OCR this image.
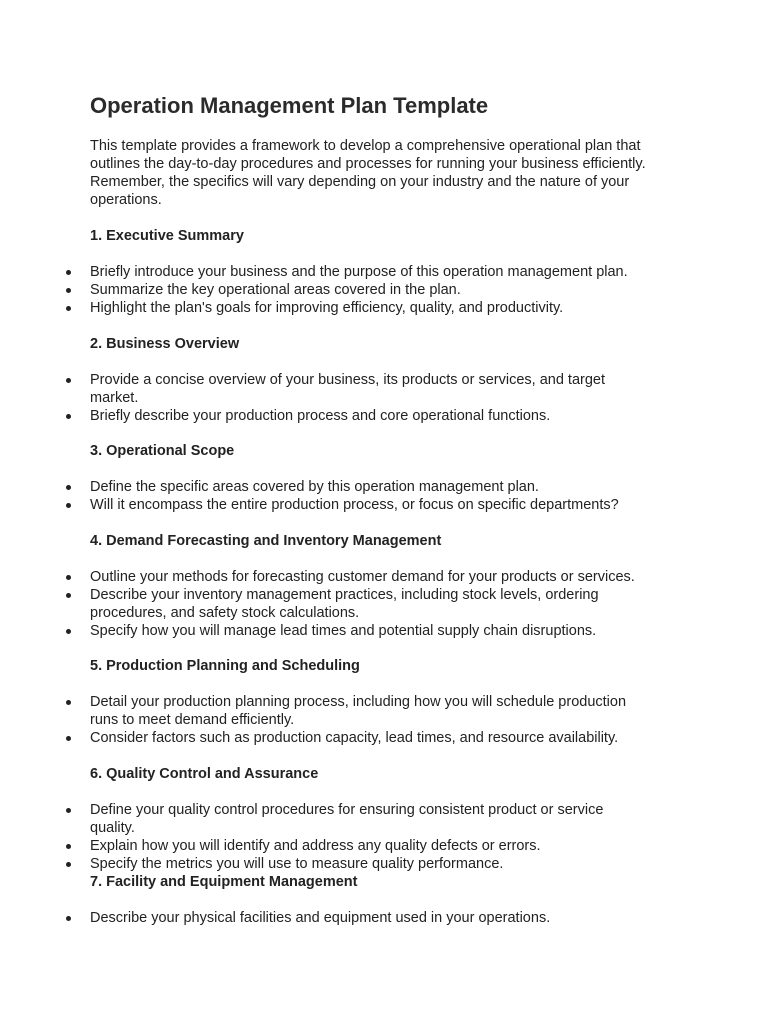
Operation Management Plan Template

This template provides a framework to develop a comprehensive operational plan that outlines the day-to-day procedures and processes for running your business efficiently. Remember, the specifics will vary depending on your industry and the nature of your operations.

1. Executive Summary
Briefly introduce your business and the purpose of this operation management plan.
Summarize the key operational areas covered in the plan.
Highlight the plan's goals for improving efficiency, quality, and productivity.
2. Business Overview
Provide a concise overview of your business, its products or services, and target market.
Briefly describe your production process and core operational functions.
3. Operational Scope
Define the specific areas covered by this operation management plan.
Will it encompass the entire production process, or focus on specific departments?
4. Demand Forecasting and Inventory Management
Outline your methods for forecasting customer demand for your products or services.
Describe your inventory management practices, including stock levels, ordering procedures, and safety stock calculations.
Specify how you will manage lead times and potential supply chain disruptions.
5. Production Planning and Scheduling
Detail your production planning process, including how you will schedule production runs to meet demand efficiently.
Consider factors such as production capacity, lead times, and resource availability.
6. Quality Control and Assurance
Define your quality control procedures for ensuring consistent product or service quality.
Explain how you will identify and address any quality defects or errors.
Specify the metrics you will use to measure quality performance.
7. Facility and Equipment Management
Describe your physical facilities and equipment used in your operations.
